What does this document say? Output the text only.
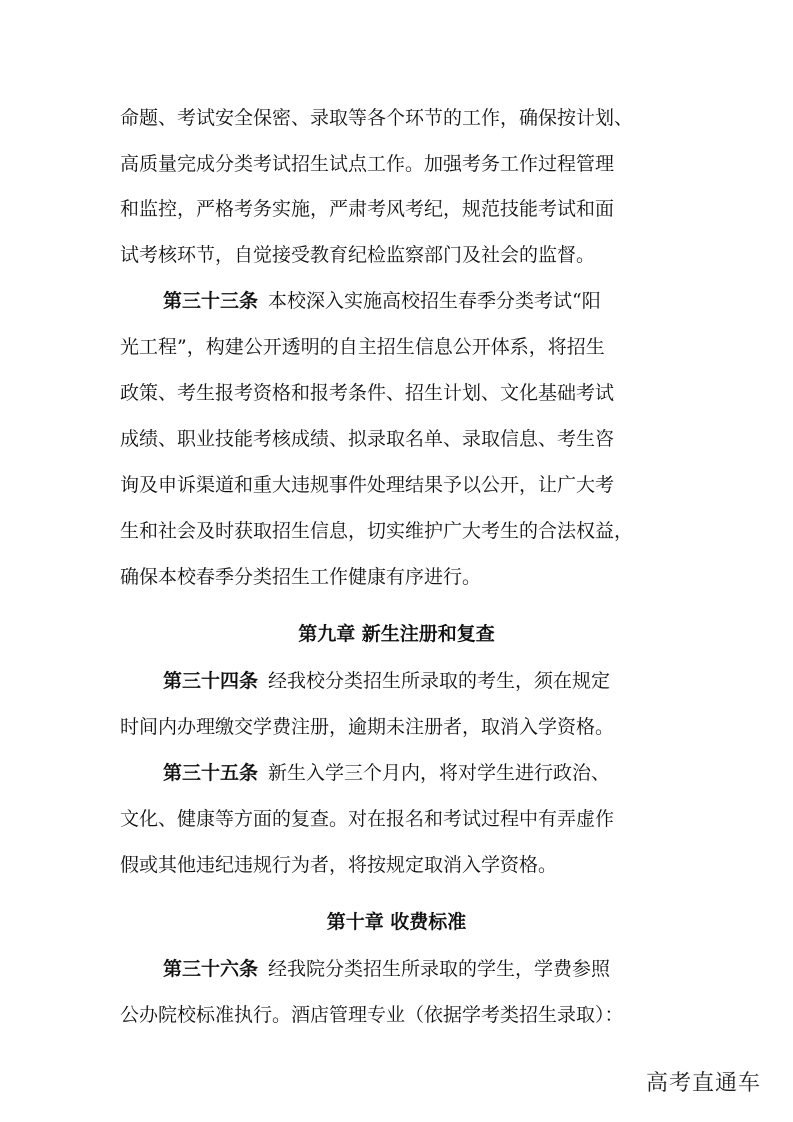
命题、考试安全保密、录取等各个环节的工作，确保按计划、
高质量完成分类考试招生试点工作。加强考务工作过程管理
和监控，严格考务实施，严肃考风考纪，规范技能考试和面
试考核环节，自觉接受教育纪检监察部门及社会的监督。
第三十三条 本校深入实施高校招生春季分类考试“阳
光工程”，构建公开透明的自主招生信息公开体系，将招生
政策、考生报考资格和报考条件、招生计划、文化基础考试
成绩、职业技能考核成绩、拟录取名单、录取信息、考生咨
询及申诉渠道和重大违规事件处理结果予以公开，让广大考
生和社会及时获取招生信息，切实维护广大考生的合法权益，
确保本校春季分类招生工作健康有序进行。
第九章 新生注册和复查
第三十四条 经我校分类招生所录取的考生，须在规定
时间内办理缴交学费注册，逾期未注册者，取消入学资格。
第三十五条 新生入学三个月内，将对学生进行政治、
文化、健康等方面的复查。对在报名和考试过程中有弄虚作
假或其他违纪违规行为者，将按规定取消入学资格。
第十章 收费标准
第三十六条 经我院分类招生所录取的学生，学费参照
公办院校标准执行。酒店管理专业（依据学考类招生录取）：
高考直通车
